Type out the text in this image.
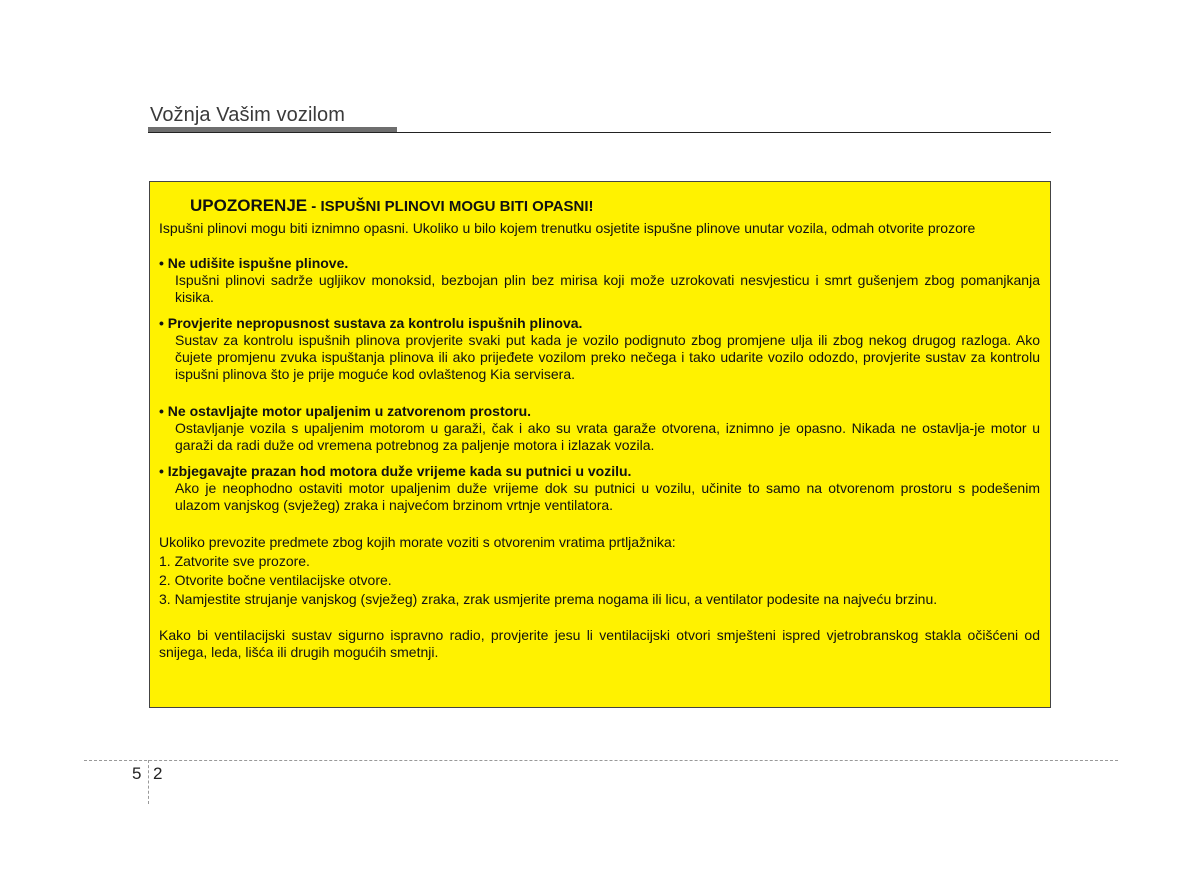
Vožnja Vašim vozilom
UPOZORENJE - ISPUŠNI PLINOVI MOGU BITI OPASNI!
Ispušni plinovi mogu biti iznimno opasni. Ukoliko u bilo kojem trenutku osjetite ispušne plinove unutar vozila, odmah otvorite prozore
• Ne udišite ispušne plinove.
Ispušni plinovi sadrže ugljikov monoksid, bezbojan plin bez mirisa koji može uzrokovati nesvjesticu i smrt gušenjem zbog pomanjkanja kisika.
• Provjerite nepropusnost sustava za kontrolu ispušnih plinova.
Sustav za kontrolu ispušnih plinova provjerite svaki put kada je vozilo podignuto zbog promjene ulja ili zbog nekog drugog razloga. Ako čujete promjenu zvuka ispuštanja plinova ili ako prijeđete vozilom preko nečega i tako udarite vozilo odozdo, provjerite sustav za kontrolu ispušni plinova što je prije moguće kod ovlaštenog Kia servisera.
• Ne ostavljajte motor upaljenim u zatvorenom prostoru.
Ostavljanje vozila s upaljenim motorom u garaži, čak i ako su vrata garaže otvorena, iznimno je opasno. Nikada ne ostavlja-je motor u garaži da radi duže od vremena potrebnog za paljenje motora i izlazak vozila.
• Izbjegavajte prazan hod motora duže vrijeme kada su putnici u vozilu.
Ako je neophodno ostaviti motor upaljenim duže vrijeme dok su putnici u vozilu, učinite to samo na otvorenom prostoru s podešenim ulazom vanjskog (svježeg) zraka i najvećom brzinom vrtnje ventilatora.
Ukoliko prevozite predmete zbog kojih morate voziti s otvorenim vratima prtljažnika:
1. Zatvorite sve prozore.
2. Otvorite bočne ventilacijske otvore.
3. Namjestite strujanje vanjskog (svježeg) zraka, zrak usmjerite prema nogama ili licu, a ventilator podesite na najveću brzinu.
Kako bi ventilacijski sustav sigurno ispravno radio, provjerite jesu li ventilacijski otvori smješteni ispred vjetrobranskog stakla očišćeni od snijega, leda, lišća ili drugih mogućih smetnji.
5 2
